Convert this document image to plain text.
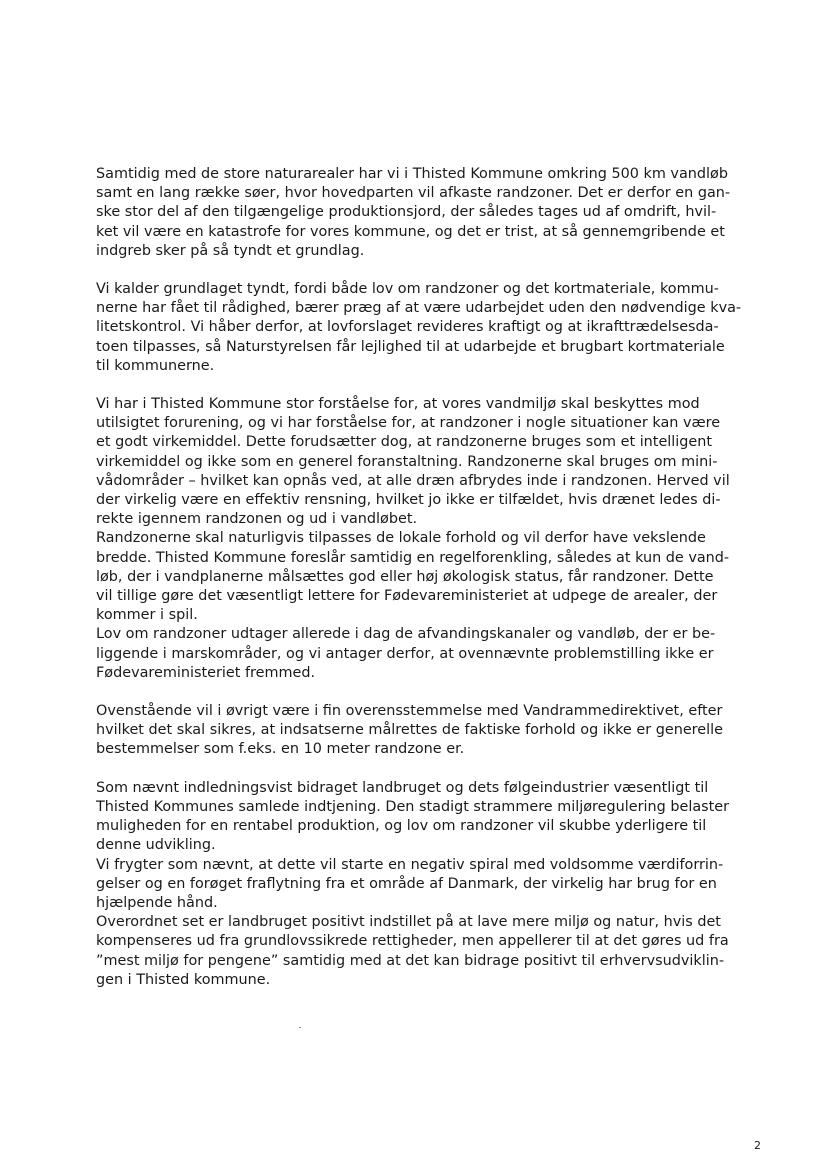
Samtidig med de store naturarealer har vi i Thisted Kommune omkring 500 km vandløb
samt en lang række søer, hvor hovedparten vil afkaste randzoner. Det er derfor en gan-
ske stor del af den tilgængelige produktionsjord, der således tages ud af omdrift, hvil-
ket vil være en katastrofe for vores kommune, og det er trist, at så gennemgribende et
indgreb sker på så tyndt et grundlag.
Vi kalder grundlaget tyndt, fordi både lov om randzoner og det kortmateriale, kommu-
nerne har fået til rådighed, bærer præg af at være udarbejdet uden den nødvendige kva-
litetskontrol. Vi håber derfor, at lovforslaget revideres kraftigt og at ikrafttrædelsesda-
toen tilpasses, så Naturstyrelsen får lejlighed til at udarbejde et brugbart kortmateriale
til kommunerne.
Vi har i Thisted Kommune stor forståelse for, at vores vandmiljø skal beskyttes mod
utilsigtet forurening, og vi har forståelse for, at randzoner i nogle situationer kan være
et godt virkemiddel. Dette forudsætter dog, at randzonerne bruges som et intelligent
virkemiddel og ikke som en generel foranstaltning. Randzonerne skal bruges om mini-
vådområder – hvilket kan opnås ved, at alle dræn afbrydes inde i randzonen. Herved vil
der virkelig være en effektiv rensning, hvilket jo ikke er tilfældet, hvis drænet ledes di-
rekte igennem randzonen og ud i vandløbet.
Randzonerne skal naturligvis tilpasses de lokale forhold og vil derfor have vekslende
bredde. Thisted Kommune foreslår samtidig en regelforenkling, således at kun de vand-
løb, der i vandplanerne målsættes god eller høj økologisk status, får randzoner. Dette
vil tillige gøre det væsentligt lettere for Fødevareministeriet at udpege de arealer, der
kommer i spil.
Lov om randzoner udtager allerede i dag de afvandingskanaler og vandløb, der er be-
liggende i marskområder, og vi antager derfor, at ovennævnte problemstilling ikke er
Fødevareministeriet fremmed.
Ovenstående vil i øvrigt være i fin overensstemmelse med Vandrammedirektivet, efter
hvilket det skal sikres, at indsatserne målrettes de faktiske forhold og ikke er generelle
bestemmelser som f.eks. en 10 meter randzone er.
Som nævnt indledningsvist bidraget landbruget og dets følgeindustrier væsentligt til
Thisted Kommunes samlede indtjening. Den stadigt strammere miljøregulering belaster
muligheden for en rentabel produktion, og lov om randzoner vil skubbe yderligere til
denne udvikling.
Vi frygter som nævnt, at dette vil starte en negativ spiral med voldsomme værdiforrin-
gelser og en forøget fraflytning fra et område af Danmark, der virkelig har brug for en
hjælpende hånd.
Overordnet set er landbruget positivt indstillet på at lave mere miljø og natur, hvis det
kompenseres ud fra grundlovssikrede rettigheder, men appellerer til at det gøres ud fra
”mest miljø for pengene” samtidig med at det kan bidrage positivt til erhvervsudviklin-
gen i Thisted kommune.
2
